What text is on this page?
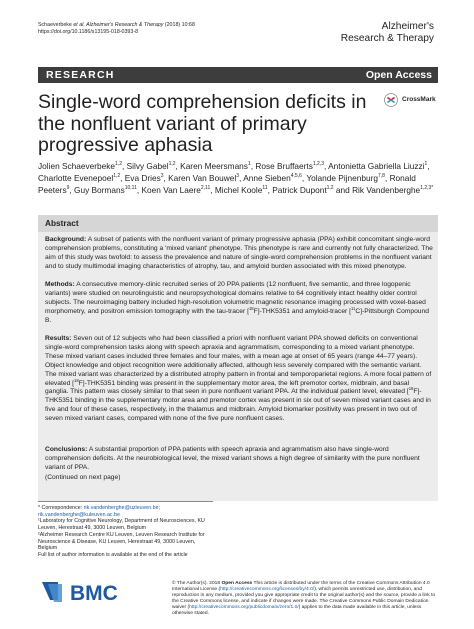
Schaeverbeke et al. Alzheimer's Research & Therapy (2018) 10:68
https://doi.org/10.1186/s13195-018-0393-8
Alzheimer's
Research & Therapy
RESEARCH	Open Access
Single-word comprehension deficits in the nonfluent variant of primary progressive aphasia
CrossMark
Jolien Schaeverbeke$^{1,2}$, Silvy Gabel$^{1,2}$, Karen Meersmans$^1$, Rose Bruffaerts$^{1,2,3}$, Antonietta Gabriella Liuzzi$^1$, Charlotte Evenepoel$^{1,2}$, Eva Dries$^3$, Karen Van Bouwel$^3$, Anne Sieben$^{4,5,6}$, Yolande Pijnenburg$^{7,8}$, Ronald Peeters$^9$, Guy Bormans$^{10,11}$, Koen Van Laere$^{2,11}$, Michel Koole$^{11}$, Patrick Dupont$^{1,2}$ and Rik Vandenberghe$^{1,2,3*}$
Abstract
Background: A subset of patients with the nonfluent variant of primary progressive aphasia (PPA) exhibit concomitant single-word comprehension problems, constituting a 'mixed variant' phenotype. This phenotype is rare and currently not fully characterized. The aim of this study was twofold: to assess the prevalence and nature of single-word comprehension problems in the nonfluent variant and to study multimodal imaging characteristics of atrophy, tau, and amyloid burden associated with this mixed phenotype.
Methods: A consecutive memory-clinic recruited series of 20 PPA patients (12 nonfluent, five semantic, and three logopenic variants) were studied on neurolinguistic and neuropsychological domains relative to 64 cognitively intact healthy older control subjects. The neuroimaging battery included high-resolution volumetric magnetic resonance imaging processed with voxel-based morphometry, and positron emission tomography with the tau-tracer [$^{18}$F]-THK5351 and amyloid-tracer [$^{11}$C]-Pittsburgh Compound B.
Results: Seven out of 12 subjects who had been classified a priori with nonfluent variant PPA showed deficits on conventional single-word comprehension tasks along with speech apraxia and agrammatism, corresponding to a mixed variant phenotype. These mixed variant cases included three females and four males, with a mean age at onset of 65 years (range 44–77 years). Object knowledge and object recognition were additionally affected, although less severely compared with the semantic variant. The mixed variant was characterized by a distributed atrophy pattern in frontal and temporoparietal regions. A more focal pattern of elevated [$^{18}$F]-THK5351 binding was present in the supplementary motor area, the left premotor cortex, midbrain, and basal ganglia. This pattern was closely similar to that seen in pure nonfluent variant PPA. At the individual patient level, elevated [$^{18}$F]-THK5351 binding in the supplementary motor area and premotor cortex was present in six out of seven mixed variant cases and in five and four of these cases, respectively, in the thalamus and midbrain. Amyloid biomarker positivity was present in two out of seven mixed variant cases, compared with none of the five pure nonfluent cases.
Conclusions: A substantial proportion of PPA patients with speech apraxia and agrammatism also have single-word comprehension deficits. At the neurobiological level, the mixed variant shows a high degree of similarity with the pure nonfluent variant of PPA.
(Continued on next page)
* Correspondence: rik.vandenberghe@uzleuven.be;
rik.vandenberghe@kuleuven.ac.be
¹Laboratory for Cognitive Neurology, Department of Neurosciences, KU Leuven, Herestraat 49, 3000 Leuven, Belgium
²Alzheimer Research Centre KU Leuven, Leuven Research Institute for Neuroscience & Disease, KU Leuven, Herestraat 49, 3000 Leuven, Belgium
Full list of author information is available at the end of the article
BMC	© The Author(s). 2018 Open Access This article is distributed under the terms of the Creative Commons Attribution 4.0 International License (http://creativecommons.org/licenses/by/4.0/), which permits unrestricted use, distribution, and reproduction in any medium, provided you give appropriate credit to the original author(s) and the source, provide a link to the Creative Commons license, and indicate if changes were made. The Creative Commons Public Domain Dedication waiver (http://creativecommons.org/publicdomain/zero/1.0/) applies to the data made available in this article, unless otherwise stated.
